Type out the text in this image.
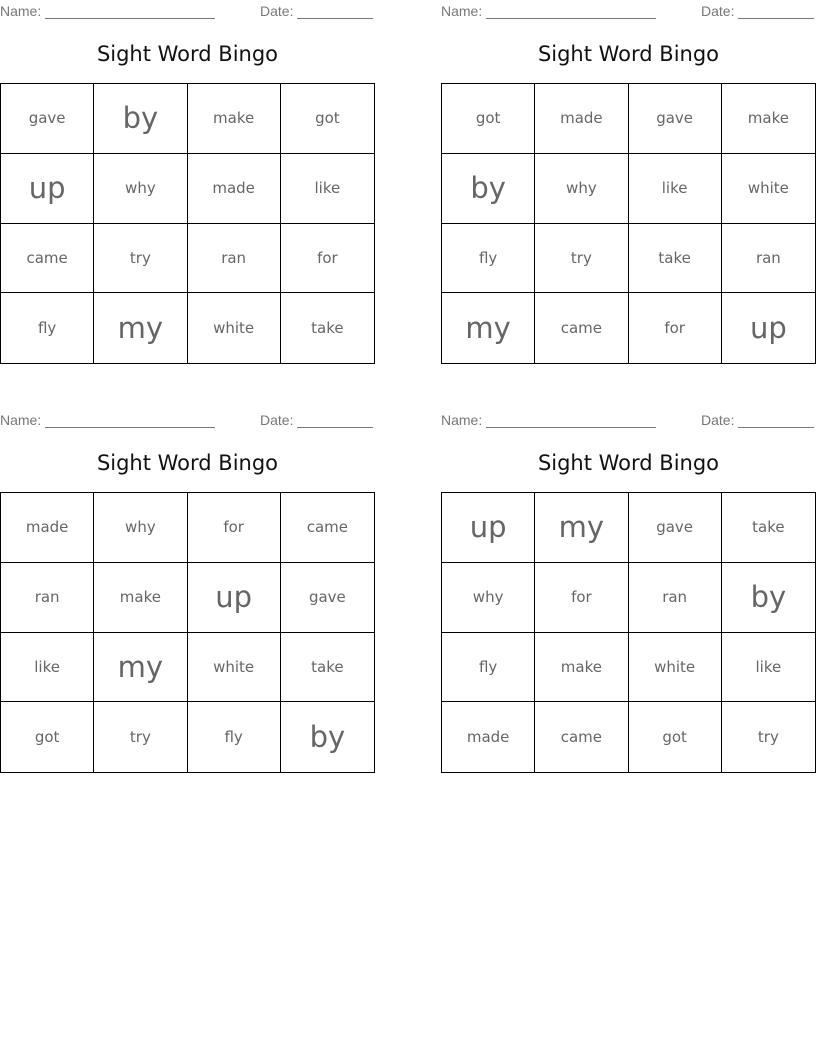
Name:	Date:
Sight Word Bingo
gave	by	make	got
up	why	made	like
came	try	ran	for
fly	my	white	take
Name:	Date:
Sight Word Bingo
got	made	gave	make
by	why	like	white
fly	try	take	ran
my	came	for	up
Name:	Date:
Sight Word Bingo
made	why	for	came
ran	make	up	gave
like	my	white	take
got	try	fly	by
Name:	Date:
Sight Word Bingo
up	my	gave	take
why	for	ran	by
fly	make	white	like
made	came	got	try
